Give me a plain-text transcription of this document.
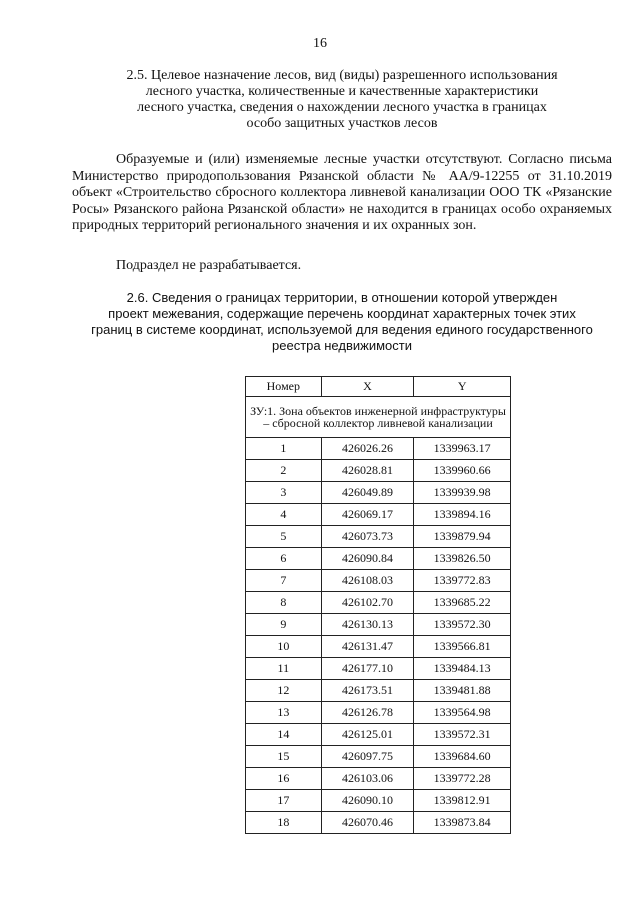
16
2.5. Целевое назначение лесов, вид (виды) разрешенного использования
лесного участка, количественные и качественные характеристики
лесного участка, сведения о нахождении лесного участка в границах
особо защитных участков лесов

Образуемые и (или) изменяемые лесные участки отсутствуют. Согласно письма Министерство природопользования Рязанской области № АА/9-12255 от 31.10.2019 объект «Строительство сбросного коллектора ливневой канализации ООО ТК «Рязанские Росы» Рязанского района Рязанской области» не находится в границах особо охраняемых природных территорий регионального значения и их охранных зон.

Подраздел не разрабатывается.

2.6. Сведения о границах территории, в отношении которой утвержден
проект межевания, содержащие перечень координат характерных точек этих
границ в системе координат, используемой для ведения единого государственного
реестра недвижимости
Номер	X	Y
ЗУ:1. Зона объектов инженерной инфраструктуры – сбросной коллектор ливневой канализации		
1	426026.26	1339963.17
2	426028.81	1339960.66
3	426049.89	1339939.98
4	426069.17	1339894.16
5	426073.73	1339879.94
6	426090.84	1339826.50
7	426108.03	1339772.83
8	426102.70	1339685.22
9	426130.13	1339572.30
10	426131.47	1339566.81
11	426177.10	1339484.13
12	426173.51	1339481.88
13	426126.78	1339564.98
14	426125.01	1339572.31
15	426097.75	1339684.60
16	426103.06	1339772.28
17	426090.10	1339812.91
18	426070.46	1339873.84
